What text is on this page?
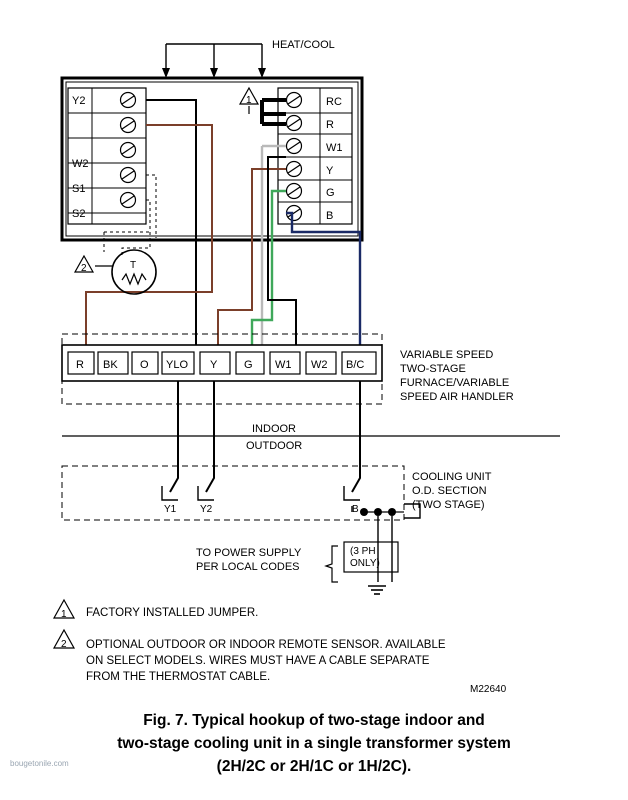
HEAT/COOL
Y2
W2
S1
S2
RC
R
W1
Y
G
B
1
T
2
R BK O YLO Y G W1 W2 B/C
VARIABLE SPEED
TWO-STAGE
FURNACE/VARIABLE
SPEED AIR HANDLER
INDOOR
OUTDOOR
COOLING UNIT
O.D. SECTION
(TWO STAGE)
Y1 Y2	B
TO POWER SUPPLY
PER LOCAL CODES
(3 PH
ONLY)
1 FACTORY INSTALLED JUMPER.
2 OPTIONAL OUTDOOR OR INDOOR REMOTE SENSOR. AVAILABLE
ON SELECT MODELS. WIRES MUST HAVE A CABLE SEPARATE
FROM THE THERMOSTAT CABLE.
M22640
Fig. 7. Typical hookup of two-stage indoor and
two-stage cooling unit in a single transformer system
(2H/2C or 2H/1C or 1H/2C).
bougetonile.com
